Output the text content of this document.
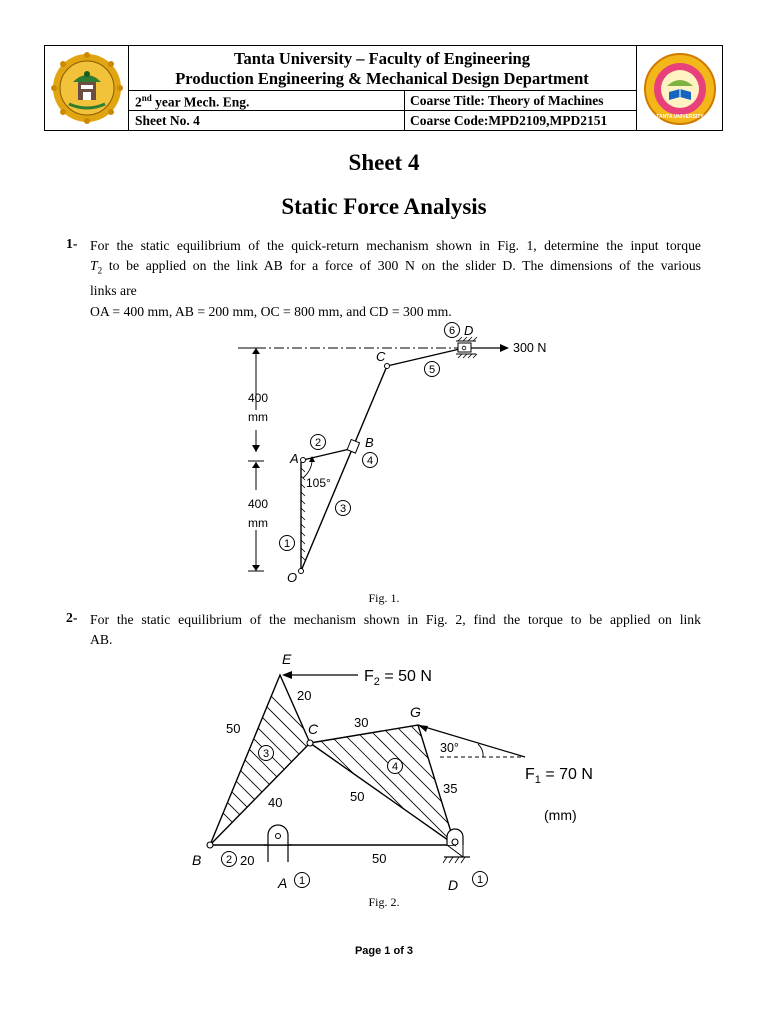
Tanta University – Faculty of Engineering
Production Engineering & Mechanical Design Department
2nd year Mech. Eng.	Coarse Title: Theory of Machines
Sheet No. 4	Coarse Code:MPD2109,MPD2151	TANTA UNIVERSITY
Sheet 4
Static Force Analysis
1- For the static equilibrium of the quick-return mechanism shown in Fig. 1, determine the input torque
$T_2$ to be applied on the link AB for a force of 300 N on the slider D. The dimensions of the various
links are
OA = 400 mm, AB = 200 mm, OC = 800 mm, and CD = 300 mm.
400
mm
400
mm
300 N
105°
A
B
C
D
O
1
2
3
4
5
6
Fig. 1.
2- For the static equilibrium of the mechanism shown in Fig. 2, find the torque to be applied on link
AB.
$F_2 = 50$ N
30°
$F_1 = 70$ N
(mm)
E
C
G
B
A	D
50
20
40
30
50
35
20	50
3
4
2
1	1
Fig. 2.
Page 1 of 3
